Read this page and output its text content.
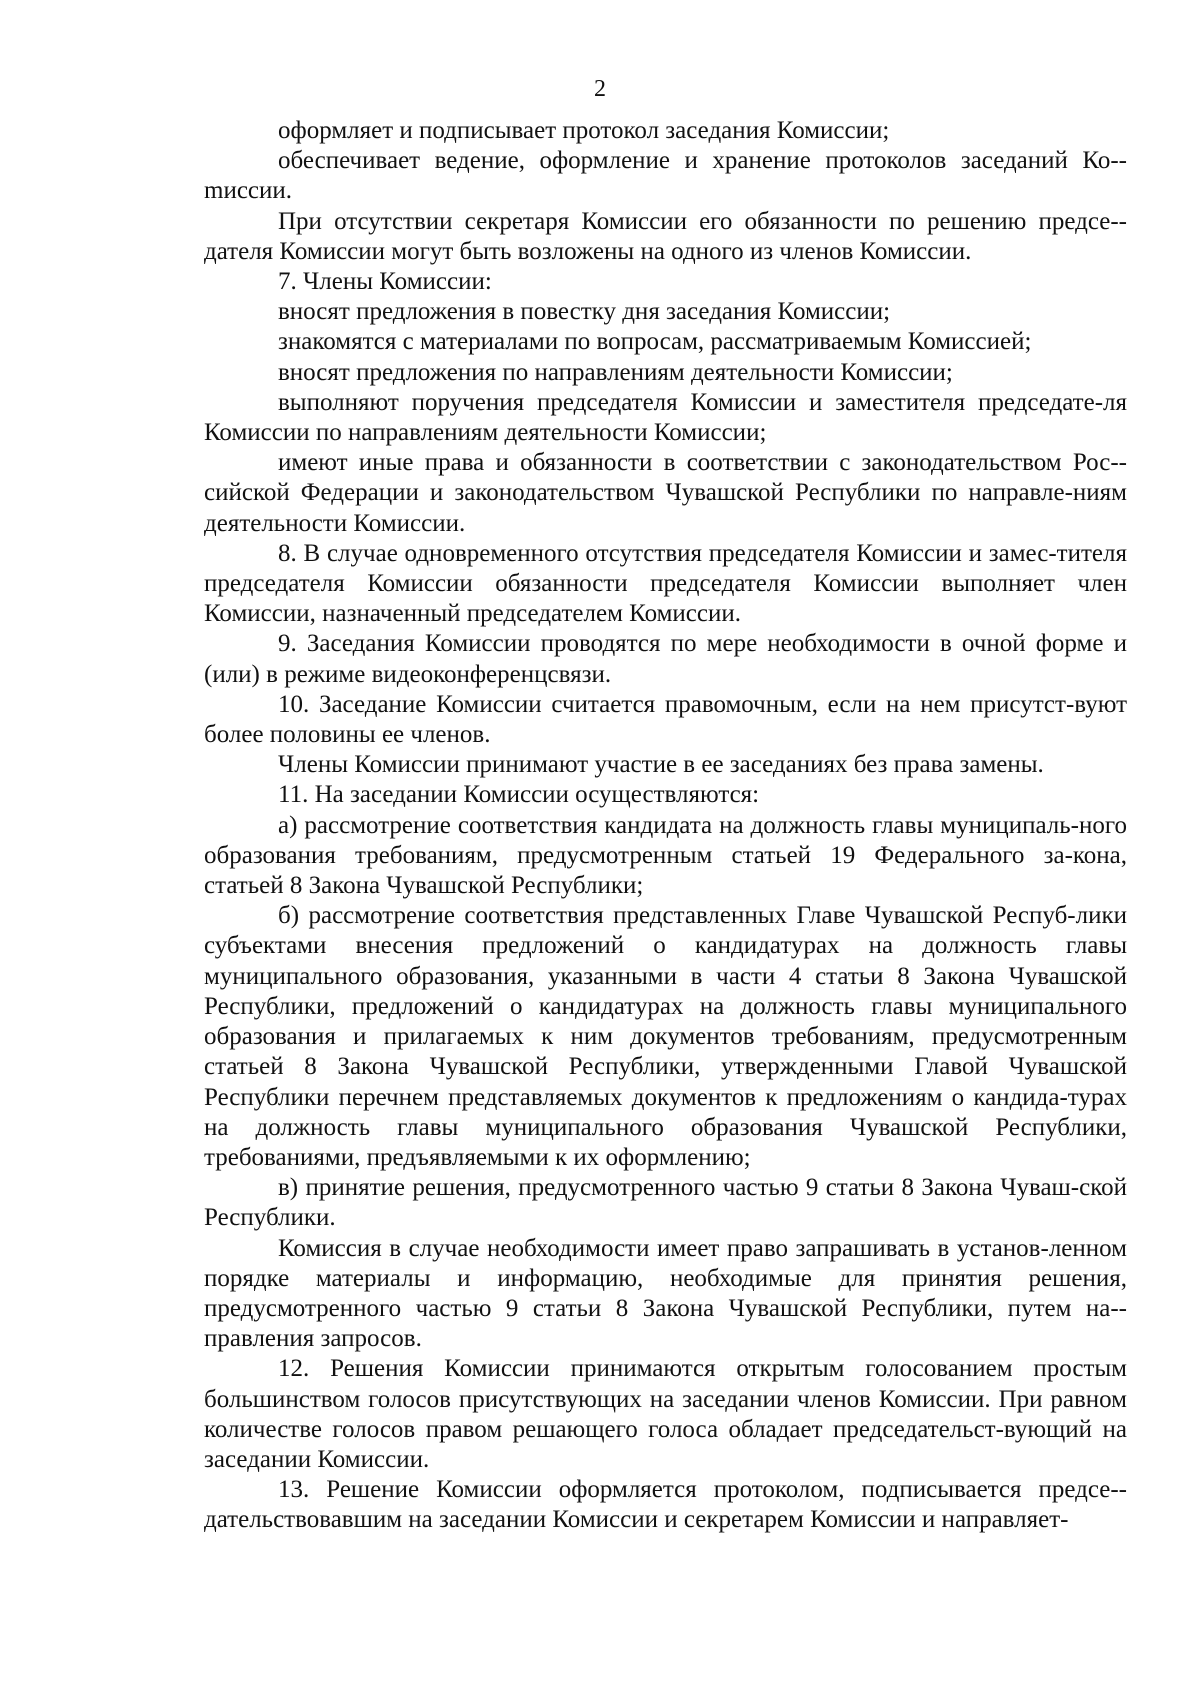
2

оформляет и подписывает протокол заседания Комиссии;

обеспечивает ведение, оформление и хранение протоколов заседаний Ко-mиссии.

При отсутствии секретаря Комиссии его обязанности по решению предсе-дателя Комиссии могут быть возложены на одного из членов Комиссии.

7. Члены Комиссии:

вносят предложения в повестку дня заседания Комиссии;

знакомятся с материалами по вопросам, рассматриваемым Комиссией;

вносят предложения по направлениям деятельности Комиссии;

выполняют поручения председателя Комиссии и заместителя председате-ля Комиссии по направлениям деятельности Комиссии;

имеют иные права и обязанности в соответствии с законодательством Рос-сийской Федерации и законодательством Чувашской Республики по направле-ниям деятельности Комиссии.

8. В случае одновременного отсутствия председателя Комиссии и замес-тителя председателя Комиссии обязанности председателя Комиссии выполняет член Комиссии, назначенный председателем Комиссии.

9. Заседания Комиссии проводятся по мере необходимости в очной форме и (или) в режиме видеоконференцсвязи.

10. Заседание Комиссии считается правомочным, если на нем присутст-вуют более половины ее членов.

Члены Комиссии принимают участие в ее заседаниях без права замены.

11. На заседании Комиссии осуществляются:

а) рассмотрение соответствия кандидата на должность главы муниципаль-ного образования требованиям, предусмотренным статьей 19 Федерального за-кона, статьей 8 Закона Чувашской Республики;

б) рассмотрение соответствия представленных Главе Чувашской Респуб-лики субъектами внесения предложений о кандидатурах на должность главы муниципального образования, указанными в части 4 статьи 8 Закона Чувашской Республики, предложений о кандидатурах на должность главы муниципального образования и прилагаемых к ним документов требованиям, предусмотренным статьей 8 Закона Чувашской Республики, утвержденными Главой Чувашской Республики перечнем представляемых документов к предложениям о кандида-турах на должность главы муниципального образования Чувашской Республики, требованиями, предъявляемыми к их оформлению;

в) принятие решения, предусмотренного частью 9 статьи 8 Закона Чуваш-ской Республики.

Комиссия в случае необходимости имеет право запрашивать в установ-ленном порядке материалы и информацию, необходимые для принятия решения, предусмотренного частью 9 статьи 8 Закона Чувашской Республики, путем на-правления запросов.

12. Решения Комиссии принимаются открытым голосованием простым большинством голосов присутствующих на заседании членов Комиссии. При равном количестве голосов правом решающего голоса обладает председательст-вующий на заседании Комиссии.

13. Решение Комиссии оформляется протоколом, подписывается предсе-дательствовавшим на заседании Комиссии и секретарем Комиссии и направляет-
